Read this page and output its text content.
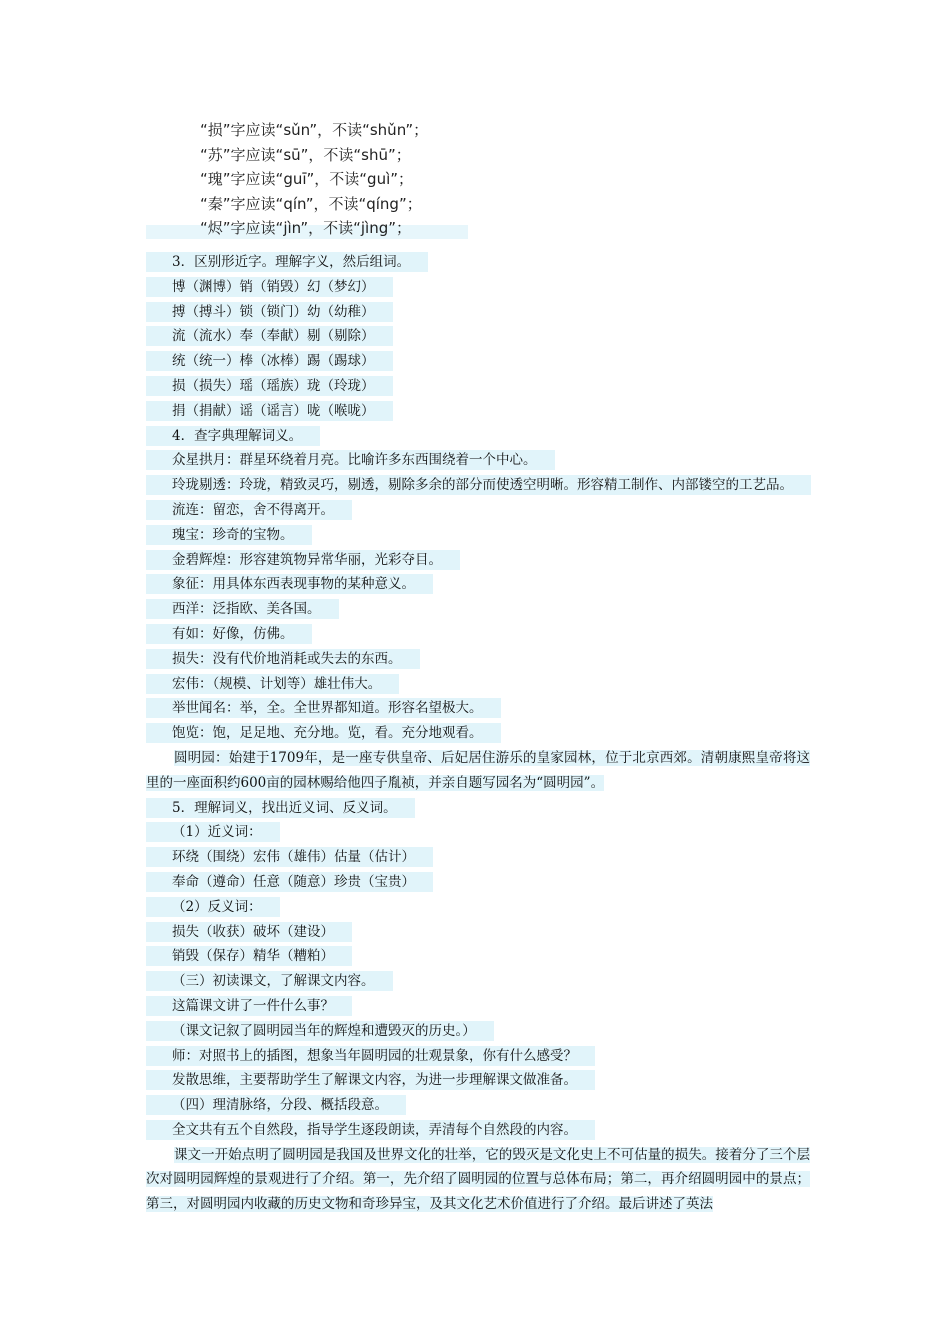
“损”字应读“sǔn”，不读“shǔn”；
“苏”字应读“sū”，不读“shū”；
“瑰”字应读“guī”，不读“guì”；
“秦”字应读“qín”，不读“qíng”；
“烬”字应读“jìn”，不读“jìng”；
3．区别形近字。理解字义，然后组词。
博（渊博）销（销毁）幻（梦幻）
搏（搏斗）锁（锁门）幼（幼稚）
流（流水）奉（奉献）剔（剔除）
统（统一）棒（冰棒）踢（踢球）
损（损失）瑶（瑶族）珑（玲珑）
捐（捐献）谣（谣言）咙（喉咙）
4．查字典理解词义。
众星拱月：群星环绕着月亮。比喻许多东西围绕着一个中心。
玲珑剔透：玲珑，精致灵巧，剔透，剔除多余的部分而使透空明晰。形容精工制作、内部镂空的工艺品。
流连：留恋，舍不得离开。
瑰宝：珍奇的宝物。
金碧辉煌：形容建筑物异常华丽，光彩夺目。
象征：用具体东西表现事物的某种意义。
西洋：泛指欧、美各国。
有如：好像，仿佛。
损失：没有代价地消耗或失去的东西。
宏伟：（规模、计划等）雄壮伟大。
举世闻名：举，全。全世界都知道。形容名望极大。
饱览：饱，足足地、充分地。览，看。充分地观看。
圆明园：始建于1709年，是一座专供皇帝、后妃居住游乐的皇家园林，位于北京西郊。清朝康熙皇帝将这里的一座面积约600亩的园林赐给他四子胤祯，并亲自题写园名为“圆明园”。
5．理解词义，找出近义词、反义词。
（1）近义词：
环绕（围绕）宏伟（雄伟）估量（估计）
奉命（遵命）任意（随意）珍贵（宝贵）
（2）反义词：
损失（收获）破坏（建设）
销毁（保存）精华（糟粕）
（三）初读课文，了解课文内容。
这篇课文讲了一件什么事？
（课文记叙了圆明园当年的辉煌和遭毁灭的历史。）
师：对照书上的插图，想象当年圆明园的壮观景象，你有什么感受？
发散思维，主要帮助学生了解课文内容，为进一步理解课文做准备。
（四）理清脉络，分段、概括段意。
全文共有五个自然段，指导学生逐段朗读，弄清每个自然段的内容。
课文一开始点明了圆明园是我国及世界文化的壮举，它的毁灭是文化史上不可估量的损失。接着分了三个层次对圆明园辉煌的景观进行了介绍。第一，先介绍了圆明园的位置与总体布局；第二，再介绍圆明园中的景点；第三，对圆明园内收藏的历史文物和奇珍异宝，及其文化艺术价值进行了介绍。最后讲述了英法
